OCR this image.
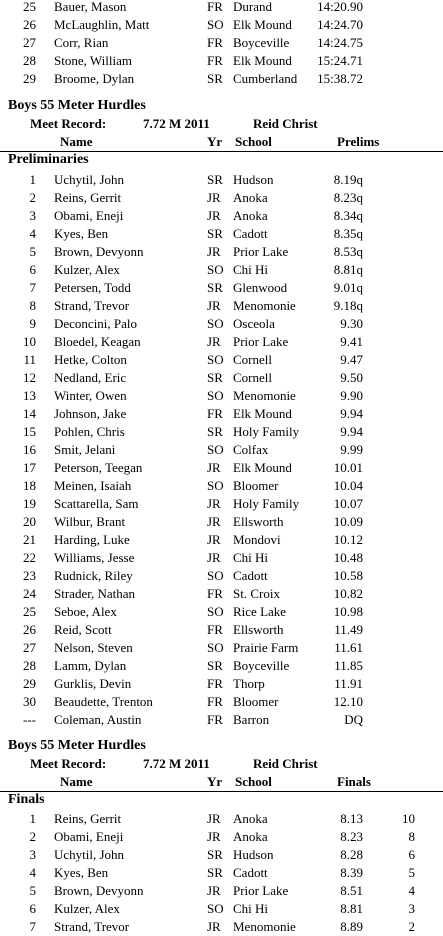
25 Bauer, Mason	FR Durand	14:20.90
26 McLaughlin, Matt	SO Elk Mound 14:24.70
27 Corr, Rian	FR Boyceville 14:24.75
28 Stone, William	FR Elk Mound 15:24.71
29 Broome, Dylan	SR Cumberland 15:38.72
Boys 55 Meter Hurdles
Meet Record:	7.72 M 2011	Reid Christ
Name	Yr School	Prelims
Preliminaries
1 Uchytil, John	SR Hudson	8.19q
2 Reins, Gerrit	JR Anoka	8.23q
3 Obami, Eneji	JR Anoka	8.34q
4 Kyes, Ben	SR Cadott	8.35q
5 Brown, Devyonn	JR Prior Lake	8.53q
6 Kulzer, Alex	SO Chi Hi	8.81q
7 Petersen, Todd	SR Glenwood	9.01q
8 Strand, Trevor	JR Menomonie	9.18q
9 Deconcini, Palo	SO Osceola	9.30
10 Bloedel, Keagan	JR Prior Lake	9.41
11 Hetke, Colton	SO Cornell	9.47
12 Nedland, Eric	SR Cornell	9.50
13 Winter, Owen	SO Menomonie	9.90
14 Johnson, Jake	FR Elk Mound	9.94
15 Pohlen, Chris	SR Holy Family	9.94
16 Smit, Jelani	SO Colfax	9.99
17 Peterson, Teegan	JR Elk Mound	10.01
18 Meinen, Isaiah	SO Bloomer	10.04
19 Scattarella, Sam	JR Holy Family	10.07
20 Wilbur, Brant	JR Ellsworth	10.09
21 Harding, Luke	JR Mondovi	10.12
22 Williams, Jesse	JR Chi Hi	10.48
23 Rudnick, Riley	SO Cadott	10.58
24 Strader, Nathan	FR St. Croix	10.82
25 Seboe, Alex	SO Rice Lake	10.98
26 Reid, Scott	FR Ellsworth	11.49
27 Nelson, Steven	SO Prairie Farm	11.61
28 Lamm, Dylan	SR Boyceville	11.85
29 Gurklis, Devin	FR Thorp	11.91
30 Beaudette, Trenton	FR Bloomer	12.10
--- Coleman, Austin	FR Barron	DQ
Boys 55 Meter Hurdles
Meet Record:	7.72 M 2011	Reid Christ
Name	Yr School	Finals
Finals
1 Reins, Gerrit	JR Anoka	8.13	10
2 Obami, Eneji	JR Anoka	8.23	8
3 Uchytil, John	SR Hudson	8.28	6
4 Kyes, Ben	SR Cadott	8.39	5
5 Brown, Devyonn	JR Prior Lake	8.51	4
6 Kulzer, Alex	SO Chi Hi	8.81	3
7 Strand, Trevor	JR Menomonie	8.89	2
